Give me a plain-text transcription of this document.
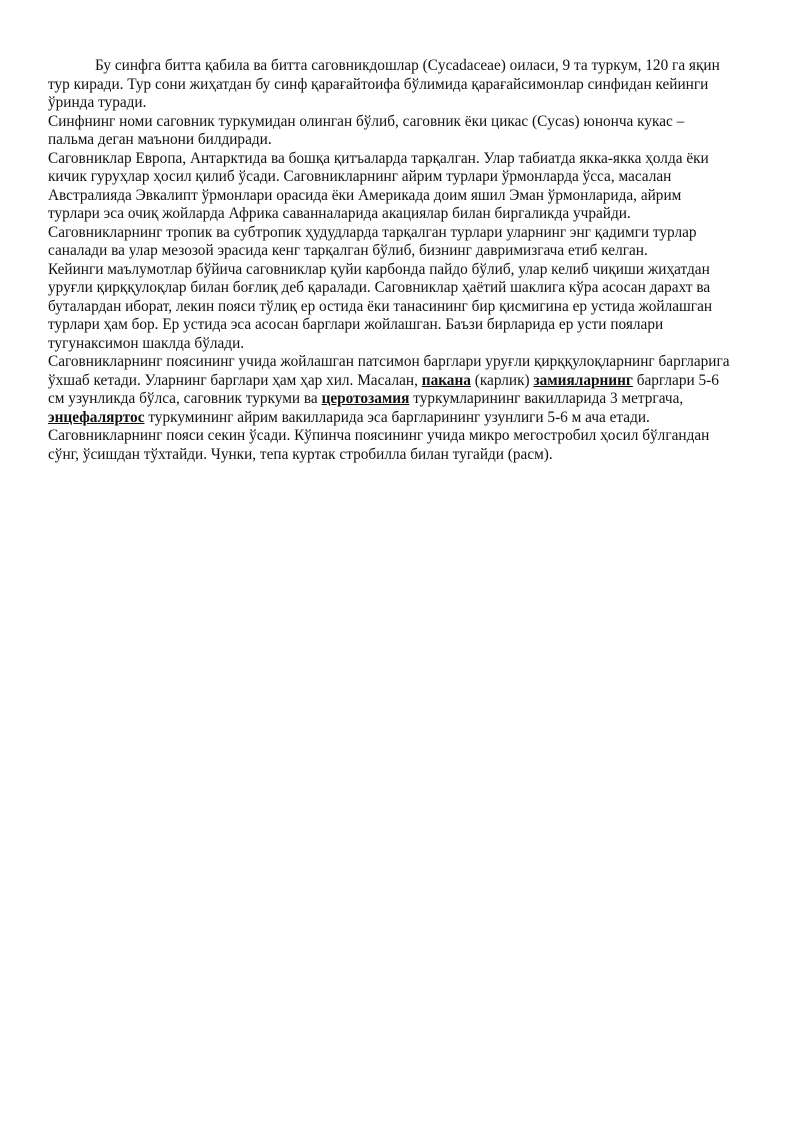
Бу синфга битта қабила ва битта саговникдошлар (Cycadaceae) оиласи, 9 та туркум, 120 га яқин тур киради. Тур сони жиҳатдан бу синф қарағайтоифа бўлимида қарағайсимонлар синфидан кейинги ўринда туради.

Синфнинг номи саговник туркумидан олинган бўлиб, саговник ёки цикас (Cycas) юнонча кукас – пальма деган маънони билдиради.

Саговниклар Европа, Антарктида ва бошқа қитъаларда тарқалган. Улар табиатда якка-якка ҳолда ёки кичик гуруҳлар ҳосил қилиб ўсади. Саговникларнинг айрим турлари ўрмонларда ўсса, масалан Австралияда Эвкалипт ўрмонлари орасида ёки Америкада доим яшил Эман ўрмонларида, айрим турлари эса очиқ жойларда Африка саванналарида акациялар билан биргаликда учрайди.

Саговникларнинг тропик ва субтропик ҳудудларда тарқалган турлари уларнинг энг қадимги турлар саналади ва улар мезозой эрасида кенг тарқалган бўлиб, бизнинг давримизгача етиб келган.

Кейинги маълумотлар бўйича саговниклар қуйи карбонда пайдо бўлиб, улар келиб чиқиши жиҳатдан уруғли қирққулоқлар билан боғлиқ деб қаралади. Саговниклар ҳаётий шаклига кўра асосан дарахт ва буталардан иборат, лекин пояси тўлиқ ер остида ёки танасининг бир қисмигина ер устида жойлашган турлари ҳам бор. Ер устида эса асосан барглари жойлашган. Баъзи бирларида ер усти поялари тугунаксимон шаклда бўлади.

Саговникларнинг поясининг учида жойлашган патсимон барглари уруғли қирққулоқларнинг баргларига ўхшаб кетади. Уларнинг барглари ҳам ҳар хил. Масалан, пакана (карлик) замияларнинг барглари 5-6 см узунликда бўлса, саговник туркуми ва церотозамия туркумларининг вакилларида 3 метргача, энцефаляртос туркумининг айрим вакилларида эса баргларининг узунлиги 5-6 м ача етади. Саговникларнинг пояси секин ўсади. Кўпинча поясининг учида микро мегостробил ҳосил бўлгандан сўнг, ўсишдан тўхтайди. Чунки, тепа куртак стробилла билан тугайди (расм).
